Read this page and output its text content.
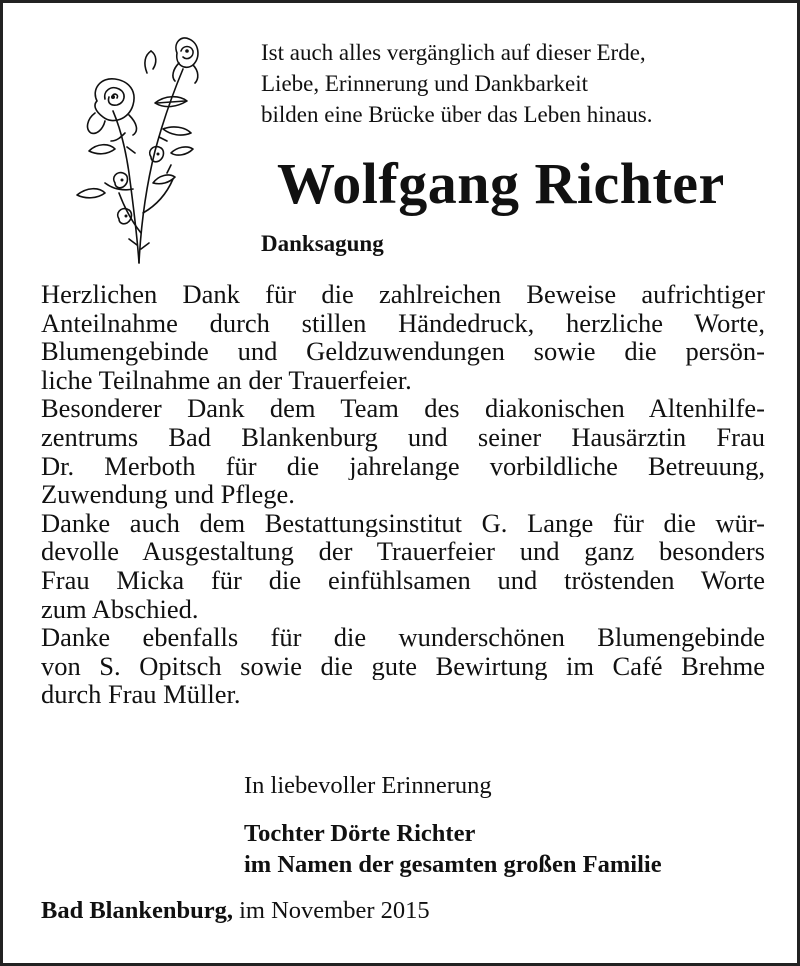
Ist auch alles vergänglich auf dieser Erde,
Liebe, Erinnerung und Dankbarkeit
bilden eine Brücke über das Leben hinaus.
Wolfgang Richter
Danksagung
Herzlichen Dank für die zahlreichen Beweise aufrichtiger
Anteilnahme durch stillen Händedruck, herzliche Worte,
Blumengebinde und Geldzuwendungen sowie die persön-
liche Teilnahme an der Trauerfeier.
Besonderer Dank dem Team des diakonischen Altenhilfe-
zentrums Bad Blankenburg und seiner Hausärztin Frau
Dr. Merboth für die jahrelange vorbildliche Betreuung,
Zuwendung und Pflege.
Danke auch dem Bestattungsinstitut G. Lange für die wür-
devolle Ausgestaltung der Trauerfeier und ganz besonders
Frau Micka für die einfühlsamen und tröstenden Worte
zum Abschied.
Danke ebenfalls für die wunderschönen Blumengebinde
von S. Opitsch sowie die gute Bewirtung im Café Brehme
durch Frau Müller.
In liebevoller Erinnerung
Tochter Dörte Richter
im Namen der gesamten großen Familie
Bad Blankenburg, im November 2015
